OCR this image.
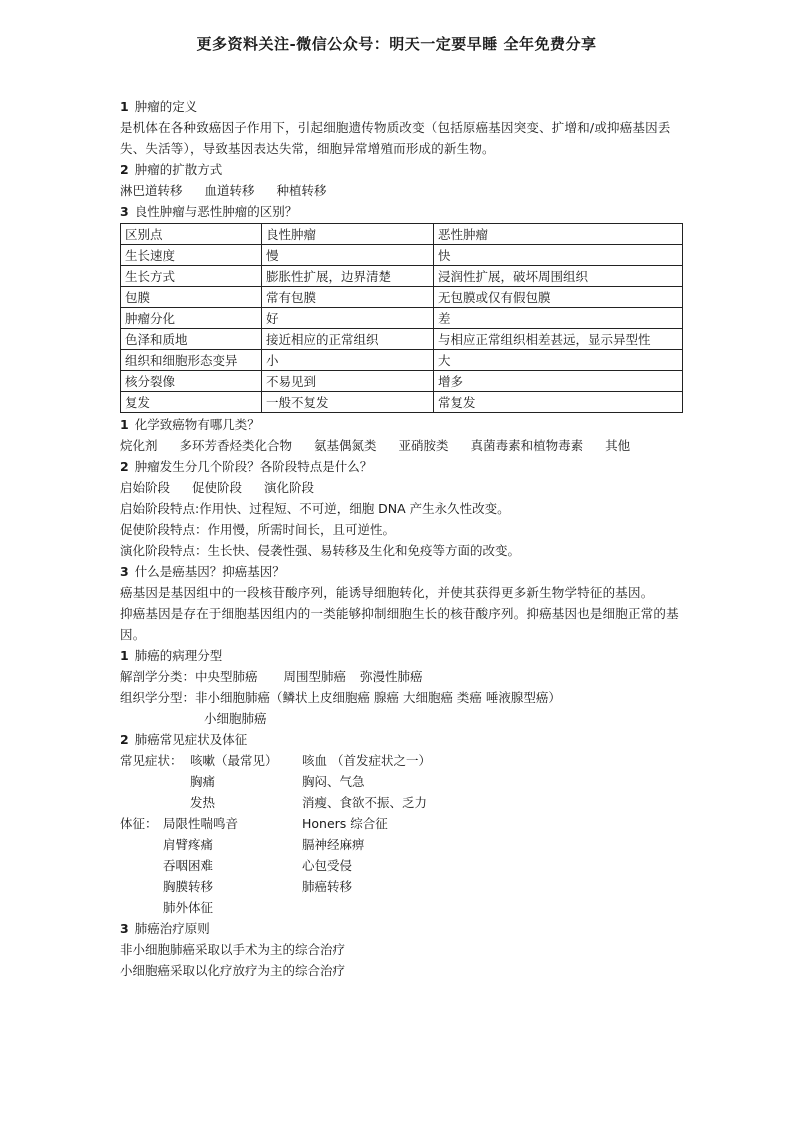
更多资料关注-微信公众号：明天一定要早睡 全年免费分享
1 肿瘤的定义
是机体在各种致癌因子作用下，引起细胞遗传物质改变（包括原癌基因突变、扩增和/或抑癌基因丢失、失活等），导致基因表达失常，细胞异常增殖而形成的新生物。
2 肿瘤的扩散方式
淋巴道转移 血道转移 种植转移
3 良性肿瘤与恶性肿瘤的区别？
区别点	良性肿瘤	恶性肿瘤
生长速度	慢	快
生长方式	膨胀性扩展，边界清楚	浸润性扩展，破坏周围组织
包膜	常有包膜	无包膜或仅有假包膜
肿瘤分化	好	差
色泽和质地	接近相应的正常组织	与相应正常组织相差甚远，显示异型性
组织和细胞形态变异	小	大
核分裂像	不易见到	增多
复发	一般不复发	常复发
1 化学致癌物有哪几类？
烷化剂 多环芳香烃类化合物 氨基偶氮类 亚硝胺类 真菌毒素和植物毒素 其他
2 肿瘤发生分几个阶段？各阶段特点是什么？
启始阶段 促使阶段 演化阶段
启始阶段特点:作用快、过程短、不可逆，细胞 DNA 产生永久性改变。
促使阶段特点：作用慢，所需时间长，且可逆性。
演化阶段特点：生长快、侵袭性强、易转移及生化和免疫等方面的改变。
3 什么是癌基因？抑癌基因？
癌基因是基因组中的一段核苷酸序列，能诱导细胞转化，并使其获得更多新生物学特征的基因。
抑癌基因是存在于细胞基因组内的一类能够抑制细胞生长的核苷酸序列。抑癌基因也是细胞正常的基因。
1 肺癌的病理分型
解剖学分类：中央型肺癌 周围型肺癌 弥漫性肺癌
组织学分型：非小细胞肺癌（鳞状上皮细胞癌 腺癌 大细胞癌 类癌 唾液腺型癌）
小细胞肺癌
2 肺癌常见症状及体征
常见症状： 咳嗽（最常见）	咳血 （首发症状之一）
胸痛	胸闷、气急
发热	消瘦、食欲不振、乏力
体征： 局限性喘鸣音	Honers 综合征
肩臂疼痛	膈神经麻痹
吞咽困难	心包受侵
胸膜转移	肺癌转移
肺外体征
3 肺癌治疗原则
非小细胞肺癌采取以手术为主的综合治疗
小细胞癌采取以化疗放疗为主的综合治疗
